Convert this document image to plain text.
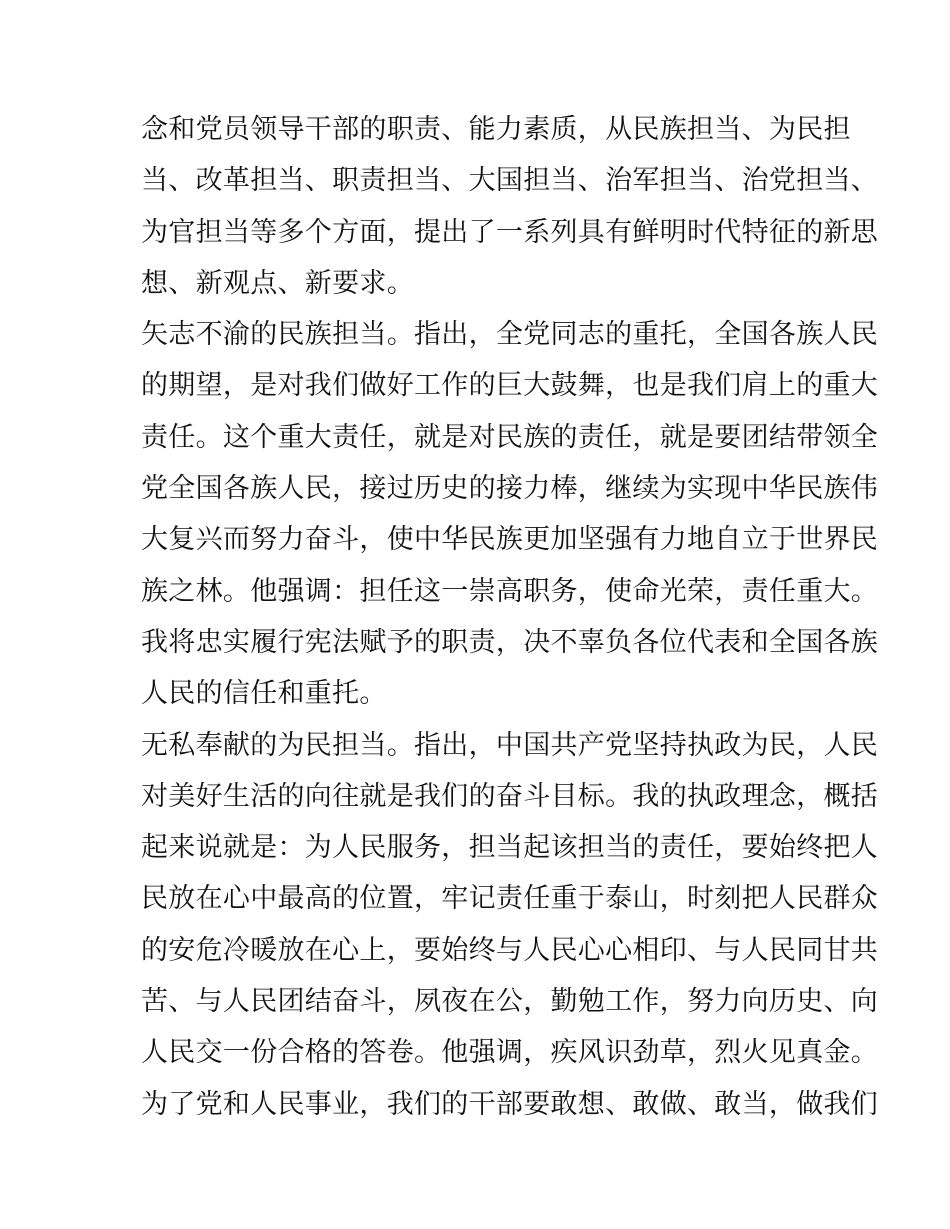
念和党员领导干部的职责、能力素质，从民族担当、为民担
当、改革担当、职责担当、大国担当、治军担当、治党担当、
为官担当等多个方面，提出了一系列具有鲜明时代特征的新思
想、新观点、新要求。
矢志不渝的民族担当。指出，全党同志的重托，全国各族人民
的期望，是对我们做好工作的巨大鼓舞，也是我们肩上的重大
责任。这个重大责任，就是对民族的责任，就是要团结带领全
党全国各族人民，接过历史的接力棒，继续为实现中华民族伟
大复兴而努力奋斗，使中华民族更加坚强有力地自立于世界民
族之林。他强调：担任这一崇高职务，使命光荣，责任重大。
我将忠实履行宪法赋予的职责，决不辜负各位代表和全国各族
人民的信任和重托。
无私奉献的为民担当。指出，中国共产党坚持执政为民，人民
对美好生活的向往就是我们的奋斗目标。我的执政理念，概括
起来说就是：为人民服务，担当起该担当的责任，要始终把人
民放在心中最高的位置，牢记责任重于泰山，时刻把人民群众
的安危冷暖放在心上，要始终与人民心心相印、与人民同甘共
苦、与人民团结奋斗，夙夜在公，勤勉工作，努力向历史、向
人民交一份合格的答卷。他强调，疾风识劲草，烈火见真金。
为了党和人民事业，我们的干部要敢想、敢做、敢当，做我们
